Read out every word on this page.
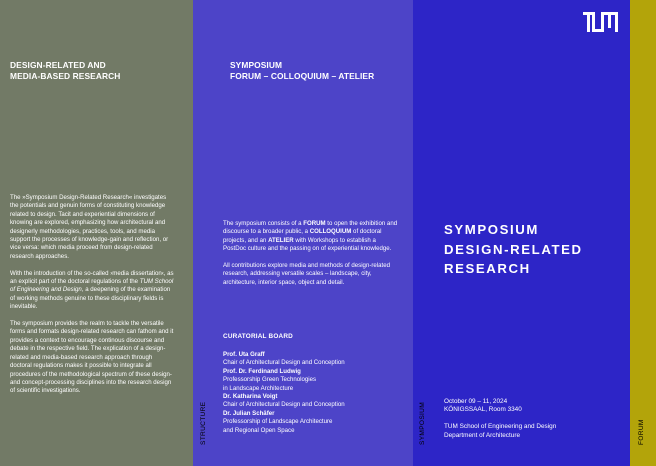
DESIGN-RELATED AND
MEDIA-BASED RESEARCH

The »Symposium Design-Related Research« investigates the potentials and genuin forms of constituting knowledge related to design. Tacit and experiential dimensions of knowing are explored, emphasizing how architectural and designerly methodologies, practices, tools, and media support the processes of knowledge-gain and reflection, or vice versa: which media proceed from design-related research approaches.

With the introduction of the so-called ›media dissertation‹, as an explicit part of the doctoral regulations of the TUM School of Engineering and Design, a deepening of the examination of working methods genuine to these disciplinary fields is inevitable.

The symposium provides the realm to tackle the versatile forms and formats design-related research can fathom and it provides a context to encourage continous discourse and debate in the respective field. The explication of a design-related and media-based research approach through doctoral regulations makes it possible to integrate all procedures of the methodological spectrum of these design- and concept-processing disciplines into the research design of scientific investigations.

SYMPOSIUM
FORUM – COLLOQUIUM – ATELIER

The symposium consists of a FORUM to open the exhibition and discourse to a broader public, a COLLOQUIUM of doctoral projects, and an ATELIER with Workshops to establish a PostDoc culture and the passing on of experiential knowledge.

All contributions explore media and methods of design-related research, addressing versatile scales – landscape, city, architecture, interior space, object and detail.

CURATORIAL BOARD
Prof. Uta Graff
Chair of Architectural Design and Conception
Prof. Dr. Ferdinand Ludwig
Professorship Green Technologies
in Landscape Architecture
Dr. Katharina Voigt
Chair of Architectural Design and Conception
Dr. Julian Schäfer
Professorship of Landscape Architecture
and Regional Open Space
STRUCTURE
SYMPOSIUM
DESIGN-RELATED
RESEARCH
October 09 – 11, 2024
KÖNIGSSAAL, Room 3340
TUM School of Engineering and Design
Department of Architecture
SYMPOSIUM	FORUM
